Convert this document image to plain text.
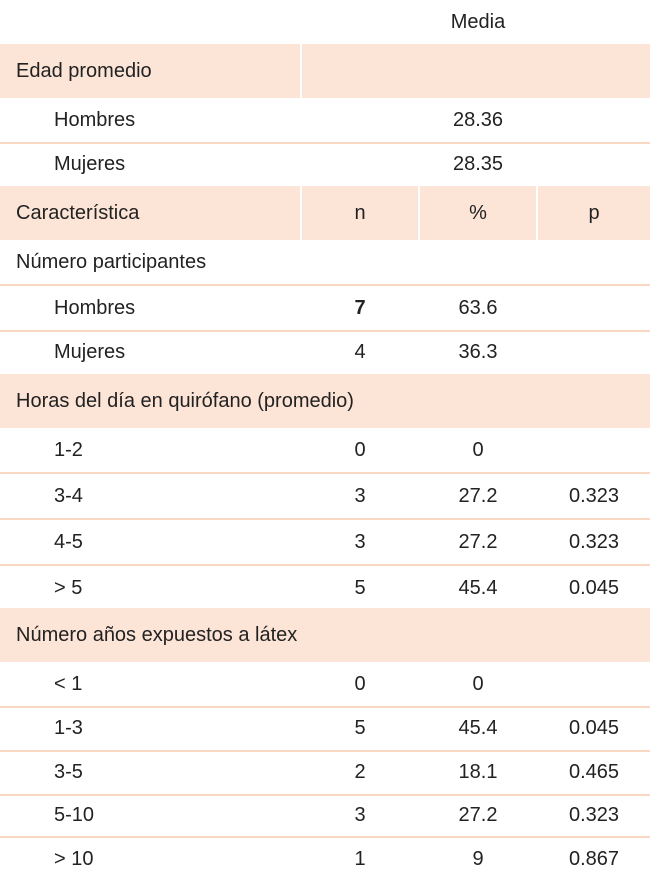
Media
Edad promedio
Hombres	28.36
Mujeres	28.35
Característica	n	%	p
Número participantes
Hombres	7	63.6
Mujeres	4	36.3
Horas del día en quirófano (promedio)
1-2	0	0
3-4	3	27.2	0.323
4-5	3	27.2	0.323
> 5	5	45.4	0.045
Número años expuestos a látex
< 1	0	0
1-3	5	45.4	0.045
3-5	2	18.1	0.465
5-10	3	27.2	0.323
> 10	1	9	0.867
